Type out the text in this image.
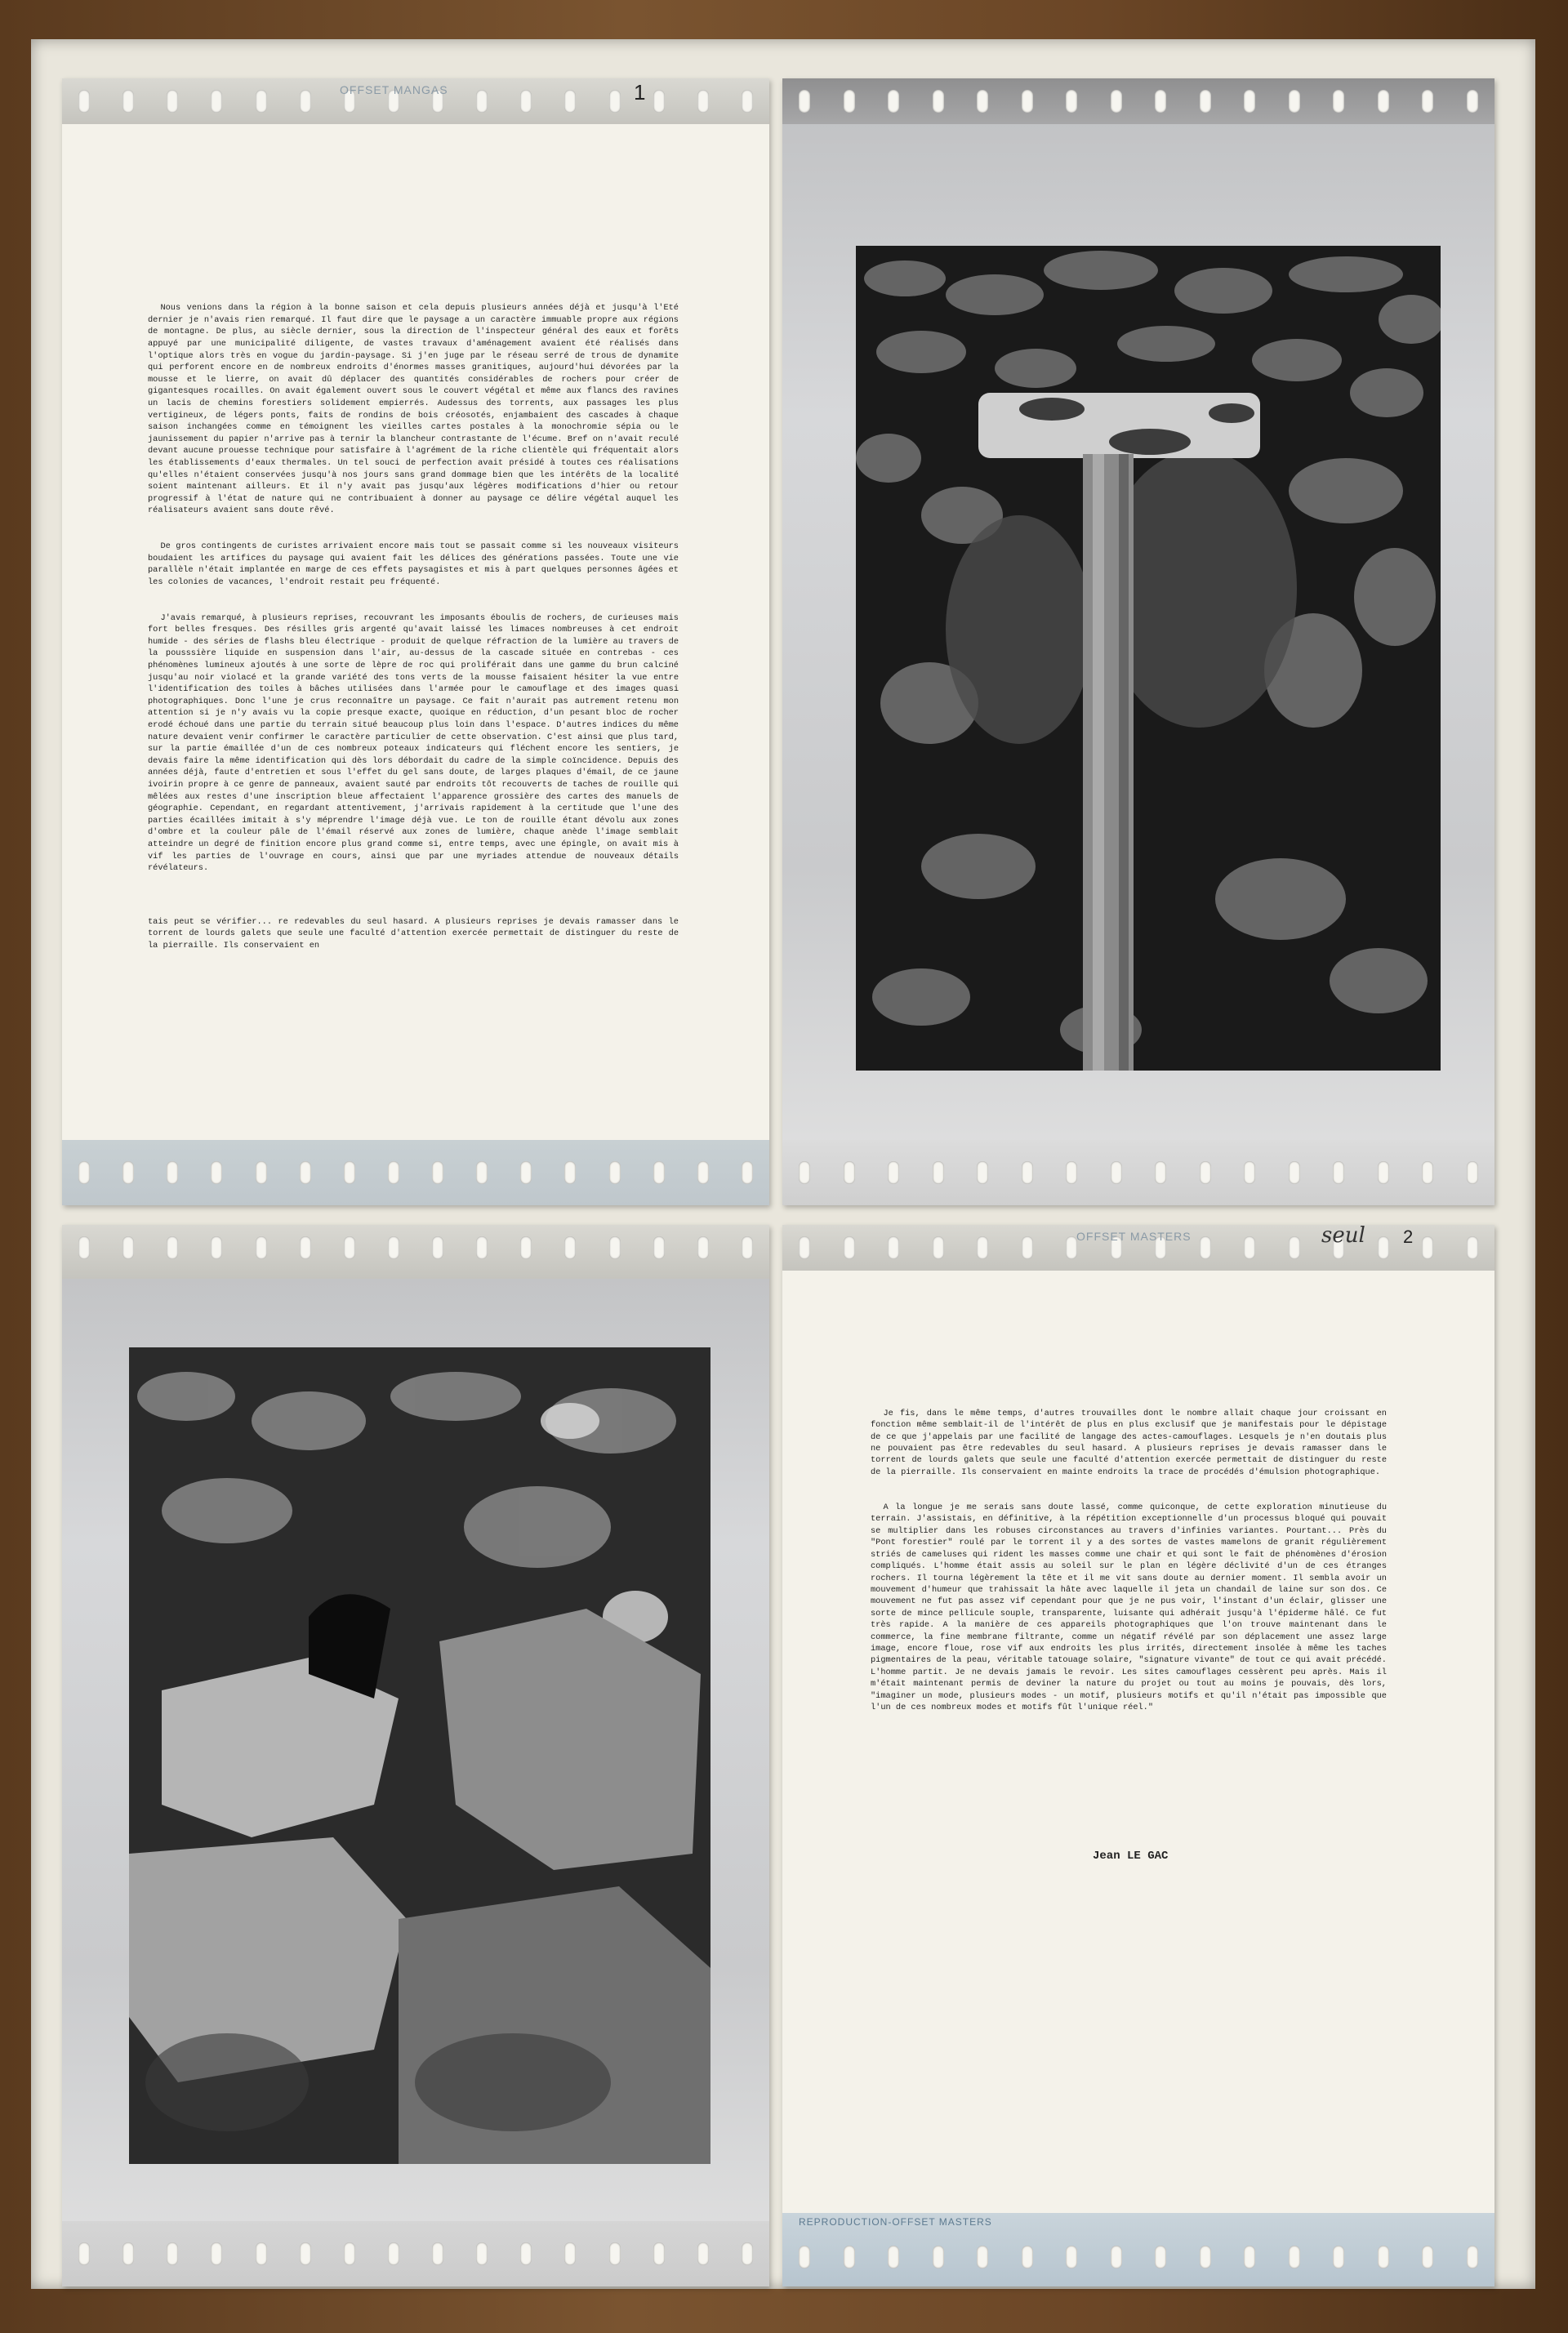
OFFSET MANGAS	1

Nous venions dans la région à la bonne saison et cela depuis plusieurs années déjà et jusqu'à l'Eté dernier je n'avais rien remarqué. Il faut dire que le paysage a un caractère immuable propre aux régions de montagne. De plus, au siècle dernier, sous la direction de l'inspecteur général des eaux et forêts appuyé par une municipalité diligente, de vastes travaux d'aménagement avaient été réalisés dans l'optique alors très en vogue du jardin-paysage. Si j'en juge par le réseau serré de trous de dynamite qui perforent encore en de nombreux endroits d'énormes masses granitiques, aujourd'hui dévorées par la mousse et le lierre, on avait dû déplacer des quantités considérables de rochers pour créer de gigantesques rocailles. On avait également ouvert sous le couvert végétal et même aux flancs des ravines un lacis de chemins forestiers solidement empierrés. Audessus des torrents, aux passages les plus vertigineux, de légers ponts, faits de rondins de bois créosotés, enjambaient des cascades à chaque saison inchangées comme en témoignent les vieilles cartes postales à la monochromie sépia ou le jaunissement du papier n'arrive pas à ternir la blancheur contrastante de l'écume. Bref on n'avait reculé devant aucune prouesse technique pour satisfaire à l'agrément de la riche clientèle qui fréquentait alors les établissements d'eaux thermales. Un tel souci de perfection avait présidé à toutes ces réalisations qu'elles n'étaient conservées jusqu'à nos jours sans grand dommage bien que les intérêts de la localité soient maintenant ailleurs. Et il n'y avait pas jusqu'aux légères modifications d'hier ou retour progressif à l'état de nature qui ne contribuaient à donner au paysage ce délire végétal auquel les réalisateurs avaient sans doute rêvé.

De gros contingents de curistes arrivaient encore mais tout se passait comme si les nouveaux visiteurs boudaient les artifices du paysage qui avaient fait les délices des générations passées. Toute une vie parallèle n'était implantée en marge de ces effets paysagistes et mis à part quelques personnes âgées et les colonies de vacances, l'endroit restait peu fréquenté.

J'avais remarqué, à plusieurs reprises, recouvrant les imposants éboulis de rochers, de curieuses mais fort belles fresques. Des résilles gris argenté qu'avait laissé les limaces nombreuses à cet endroit humide - des séries de flashs bleu électrique - produit de quelque réfraction de la lumière au travers de la pousssière liquide en suspension dans l'air, au-dessus de la cascade située en contrebas - ces phénomènes lumineux ajoutés à une sorte de lèpre de roc qui proliférait dans une gamme du brun calciné jusqu'au noir violacé et la grande variété des tons verts de la mousse faisaient hésiter la vue entre l'identification des toiles à bâches utilisées dans l'armée pour le camouflage et des images quasi photographiques. Donc l'une je crus reconnaître un paysage. Ce fait n'aurait pas autrement retenu mon attention si je n'y avais vu la copie presque exacte, quoique en réduction, d'un pesant bloc de rocher erodé échoué dans une partie du terrain situé beaucoup plus loin dans l'espace. D'autres indices du même nature devaient venir confirmer le caractère particulier de cette observation. C'est ainsi que plus tard, sur la partie émaillée d'un de ces nombreux poteaux indicateurs qui fléchent encore les sentiers, je devais faire la même identification qui dès lors débordait du cadre de la simple coïncidence. Depuis des années déjà, faute d'entretien et sous l'effet du gel sans doute, de larges plaques d'émail, de ce jaune ivoirin propre à ce genre de panneaux, avaient sauté par endroits tôt recouverts de taches de rouille qui mêlées aux restes d'une inscription bleue affectaient l'apparence grossière des cartes des manuels de géographie. Cependant, en regardant attentivement, j'arrivais rapidement à la certitude que l'une des parties écaillées imitait à s'y méprendre l'image déjà vue. Le ton de rouille étant dévolu aux zones d'ombre et la couleur pâle de l'émail réservé aux zones de lumière, chaque anède l'image semblait atteindre un degré de finition encore plus grand comme si, entre temps, avec une épingle, on avait mis à vif les parties de l'ouvrage en cours, ainsi que par une myriades attendue de nouveaux détails révélateurs.

tais peut se vérifier... re redevables du seul hasard. A plusieurs reprises je devais ramasser dans le torrent de lourds galets que seule une faculté d'attention exercée permettait de distinguer du reste de la pierraille. Ils conservaient en

OFFSET MASTERS	seul 2

Je fis, dans le même temps, d'autres trouvailles dont le nombre allait chaque jour croissant en fonction même semblait-il de l'intérêt de plus en plus exclusif que je manifestais pour le dépistage de ce que j'appelais par une facilité de langage des actes-camouflages. Lesquels je n'en doutais plus ne pouvaient pas être redevables du seul hasard. A plusieurs reprises je devais ramasser dans le torrent de lourds galets que seule une faculté d'attention exercée permettait de distinguer du reste de la pierraille. Ils conservaient en mainte endroits la trace de procédés d'émulsion photographique.

A la longue je me serais sans doute lassé, comme quiconque, de cette exploration minutieuse du terrain. J'assistais, en définitive, à la répétition exceptionnelle d'un processus bloqué qui pouvait se multiplier dans les robuses circonstances au travers d'infinies variantes. Pourtant... Près du "Pont forestier" roulé par le torrent il y a des sortes de vastes mamelons de granit régulièrement striés de cameluses qui rident les masses comme une chair et qui sont le fait de phénomènes d'érosion compliqués. L'homme était assis au soleil sur le plan en légère déclivité d'un de ces étranges rochers. Il tourna légèrement la tête et il me vit sans doute au dernier moment. Il sembla avoir un mouvement d'humeur que trahissait la hâte avec laquelle il jeta un chandail de laine sur son dos. Ce mouvement ne fut pas assez vif cependant pour que je ne pus voir, l'instant d'un éclair, glisser une sorte de mince pellicule souple, transparente, luisante qui adhérait jusqu'à l'épiderme hâlé. Ce fut très rapide. A la manière de ces appareils photographiques que l'on trouve maintenant dans le commerce, la fine membrane filtrante, comme un négatif révélé par son déplacement une assez large image, encore floue, rose vif aux endroits les plus irrités, directement insolée à même les taches pigmentaires de la peau, véritable tatouage solaire, "signature vivante" de tout ce qui avait précédé. L'homme partit. Je ne devais jamais le revoir. Les sites camouflages cessèrent peu après. Mais il m'était maintenant permis de deviner la nature du projet ou tout au moins je pouvais, dès lors, "imaginer un mode, plusieurs modes - un motif, plusieurs motifs et qu'il n'était pas impossible que l'un de ces nombreux modes et motifs fût l'unique réel."

Jean LE GAC
REPRODUCTION-OFFSET MASTERS
